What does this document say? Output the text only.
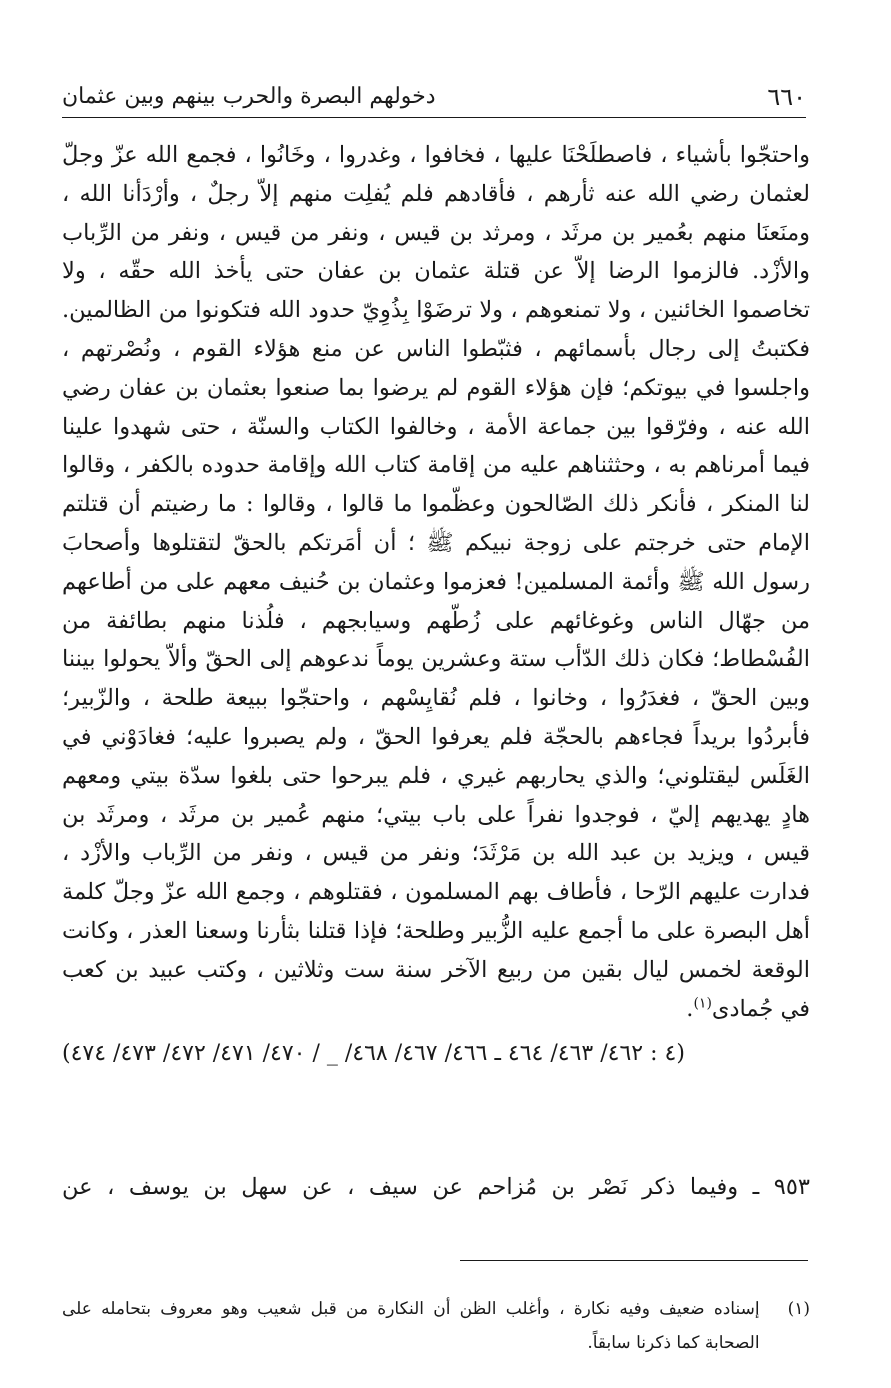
٦٦٠
دخولهم البصرة والحرب بينهم وبين عثمان

واحتجّوا بأشياء ، فاصطلَحْنَا عليها ، فخافوا ، وغدروا ، وخَانُوا ، فجمع الله عزّ وجلّ لعثمان رضي الله عنه ثأرهم ، فأقادهم فلم يُفلِت منهم إلاّ رجلٌ ، وأرْدَأنا الله ، ومنَعنَا منهم بعُمير بن مرثَد ، ومرثد بن قيس ، ونفر من قيس ، ونفر من الرِّباب والأزْد. فالزموا الرضا إلاّ عن قتلة عثمان بن عفان حتى يأخذ الله حقّه ، ولا تخاصموا الخائنين ، ولا تمنعوهم ، ولا ترضَوْا بِذُوِيّ حدود الله فتكونوا من الظالمين. فكتبتُ إلى رجال بأسمائهم ، فثبّطوا الناس عن منع هؤلاء القوم ، ونُصْرتهم ، واجلسوا في بيوتكم؛ فإن هؤلاء القوم لم يرضوا بما صنعوا بعثمان بن عفان رضي الله عنه ، وفرّقوا بين جماعة الأمة ، وخالفوا الكتاب والسنّة ، حتى شهدوا علينا فيما أمرناهم به ، وحثثناهم عليه من إقامة كتاب الله وإقامة حدوده بالكفر ، وقالوا لنا المنكر ، فأنكر ذلك الصّالحون وعظّموا ما قالوا ، وقالوا : ما رضيتم أن قتلتم الإمام حتى خرجتم على زوجة نبيكم ﷺ ؛ أن أمَرتكم بالحقّ لتقتلوها وأصحابَ رسول الله ﷺ وأئمة المسلمين! فعزموا وعثمان بن حُنيف معهم على من أطاعهم من جهّال الناس وغوغائهم على زُطّهم وسيابجهم ، فلُذنا منهم بطائفة من الفُسْطاط؛ فكان ذلك الدّأب ستة وعشرين يوماً ندعوهم إلى الحقّ وألاّ يحولوا بيننا وبين الحقّ ، فغدَرُوا ، وخانوا ، فلم نُقايِسْهم ، واحتجّوا ببيعة طلحة ، والزّبير؛ فأبردُوا بريداً فجاءهم بالحجّة فلم يعرفوا الحقّ ، ولم يصبروا عليه؛ فغادَوْني في الغَلَس ليقتلوني؛ والذي يحاربهم غيري ، فلم يبرحوا حتى بلغوا سدّة بيتي ومعهم هادٍ يهديهم إليّ ، فوجدوا نفراً على باب بيتي؛ منهم عُمير بن مرثَد ، ومرثَد بن قيس ، ويزيد بن عبد الله بن مَرْثَدَ؛ ونفر من قيس ، ونفر من الرِّباب والأزْد ، فدارت عليهم الرّحا ، فأطاف بهم المسلمون ، فقتلوهم ، وجمع الله عزّ وجلّ كلمة أهل البصرة على ما أجمع عليه الزُّبير وطلحة؛ فإذا قتلنا بثأرنا وسعنا العذر ، وكانت الوقعة لخمس ليال بقين من ربيع الآخر سنة ست وثلاثين ، وكتب عبيد بن كعب في جُمادى$^{(١)}$.

(٤ : ٤٦٢/ ٤٦٣/ ٤٦٤ ـ ٤٦٦/ ٤٦٧/ ٤٦٨/ _ / ٤٧٠/ ٤٧١/ ٤٧٢/ ٤٧٣/ ٤٧٤)

٩٥٣ ـ وفيما ذكر نَصْر بن مُزاحم عن سيف ، عن سهل بن يوسف ، عن

(١)
إسناده ضعيف وفيه نكارة ، وأغلب الظن أن النكارة من قبل شعيب وهو معروف بتحامله على الصحابة كما ذكرنا سابقاً.
